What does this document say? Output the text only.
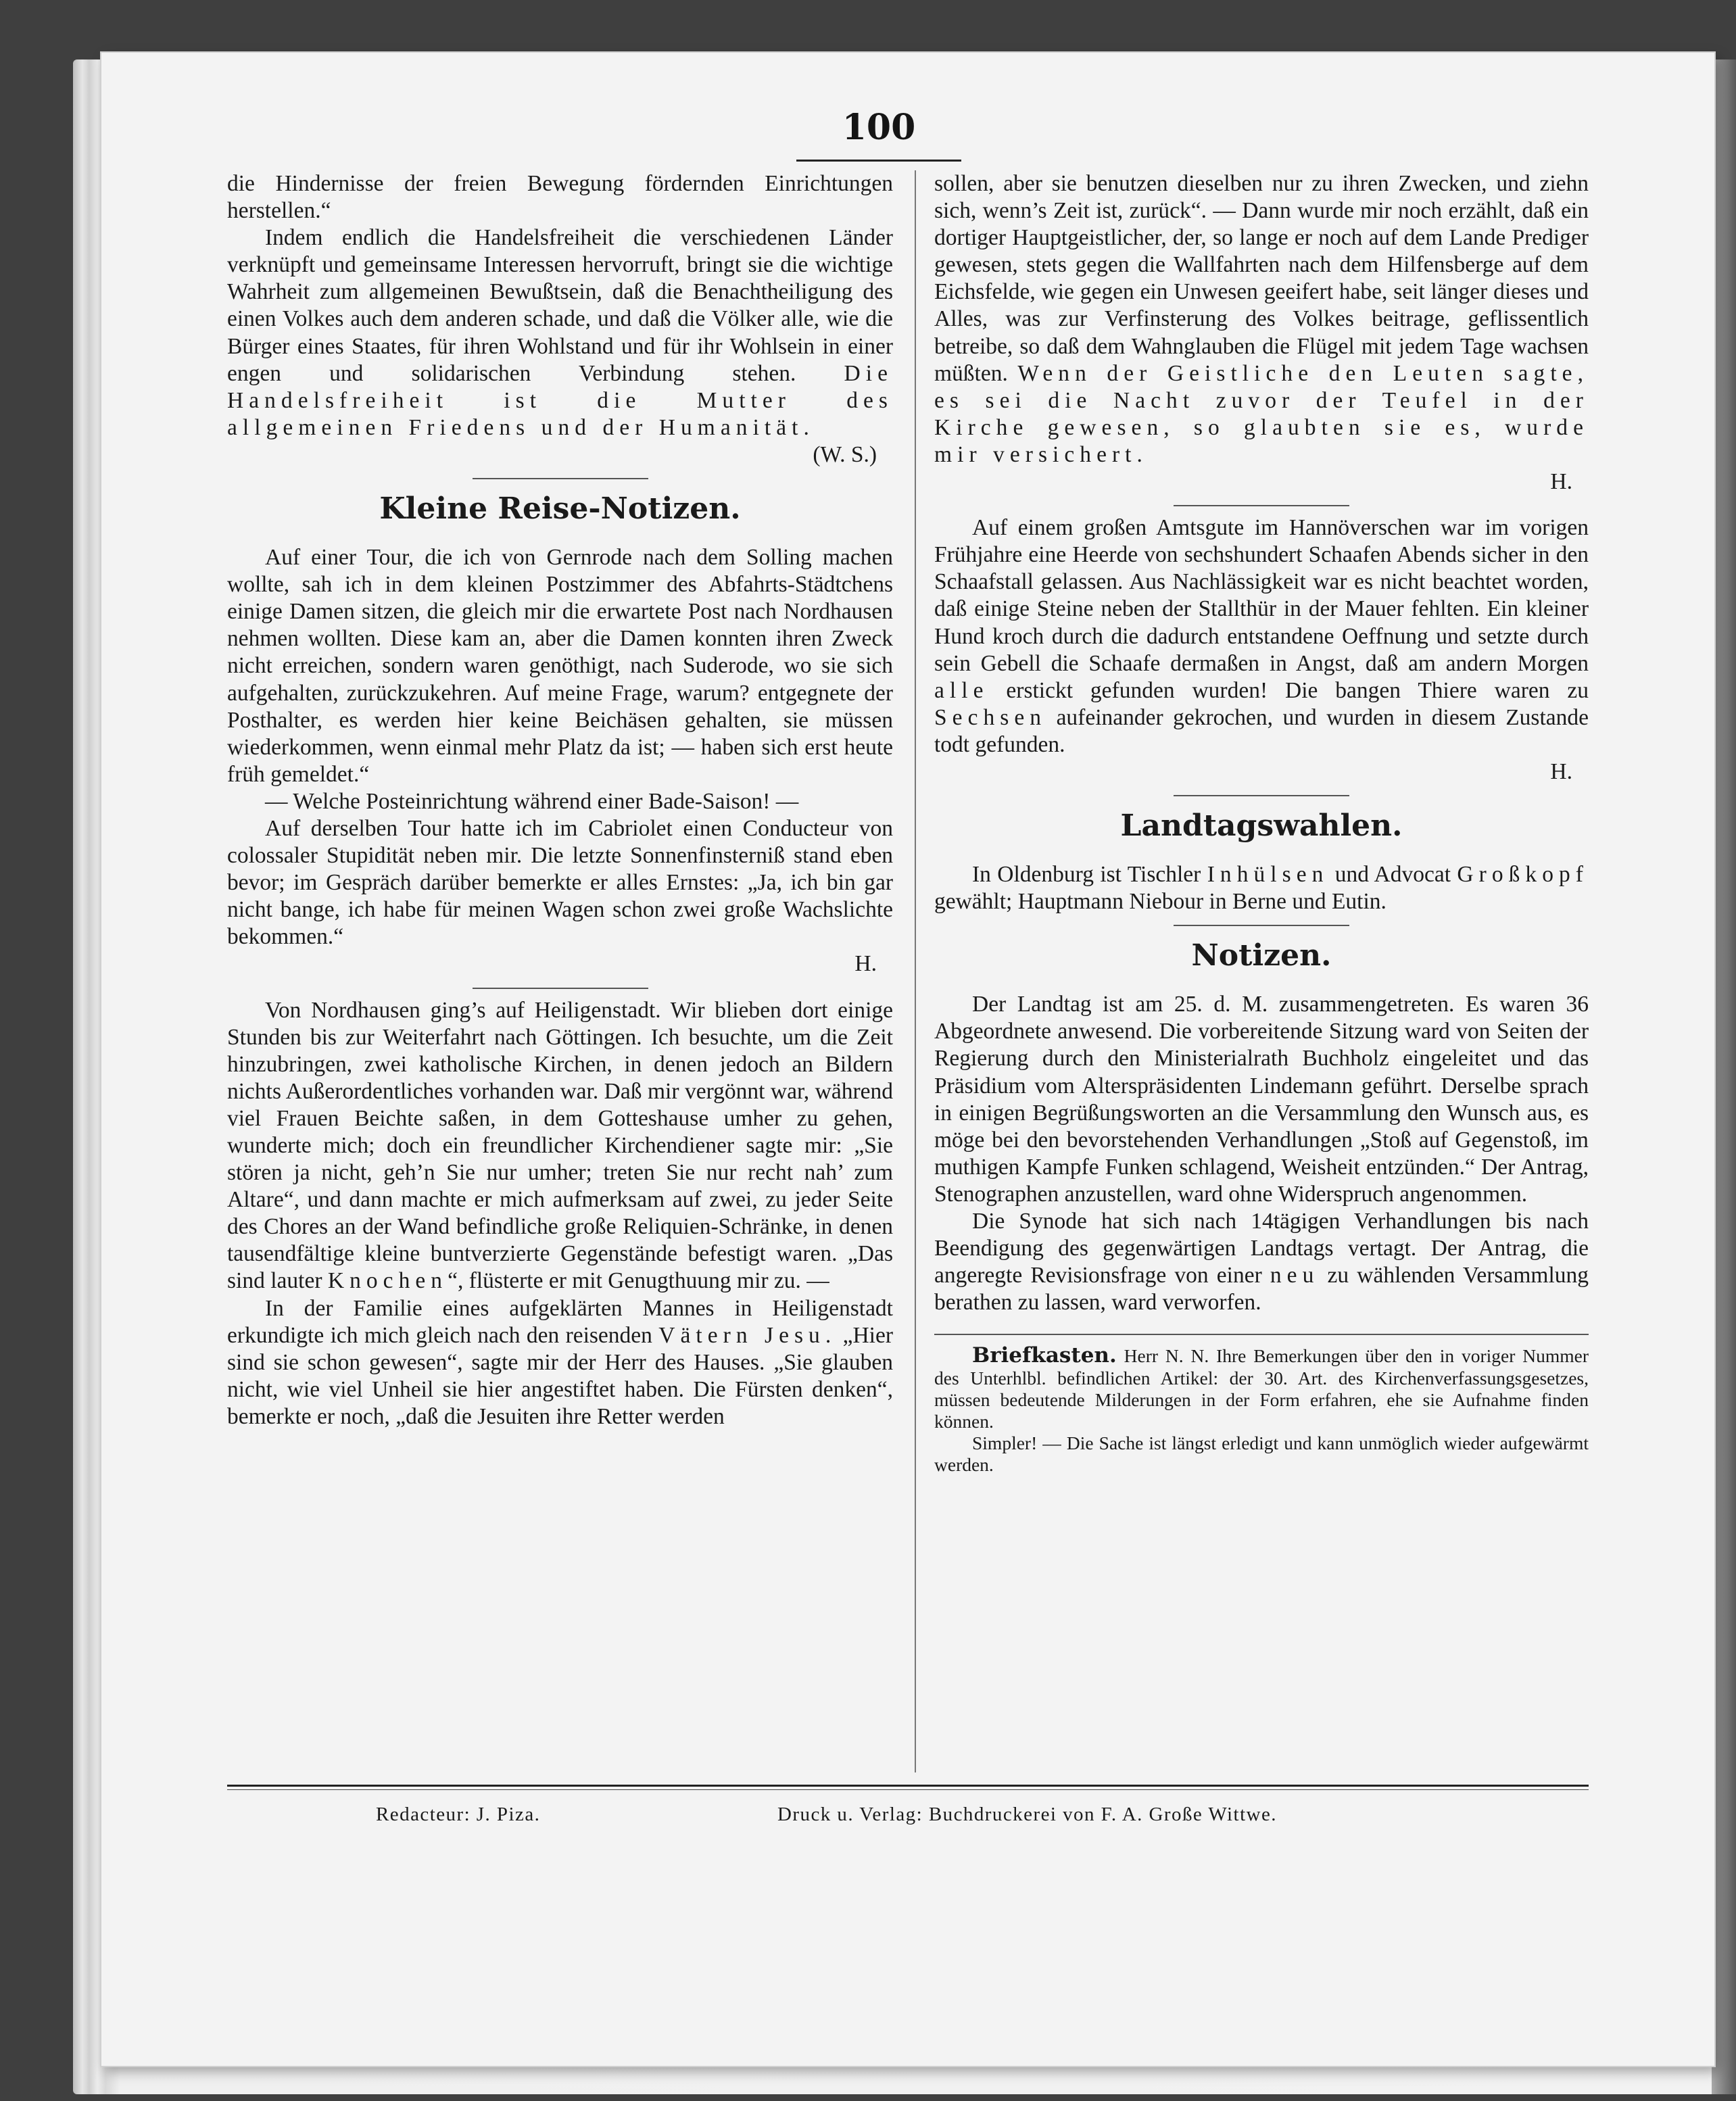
100

die Hindernisse der freien Bewegung fördernden Einrichtungen herstellen.“

Indem endlich die Handelsfreiheit die verschiedenen Länder verknüpft und gemeinsame Interessen hervorruft, bringt sie die wichtige Wahrheit zum allgemeinen Bewußtsein, daß die Benachtheiligung des einen Volkes auch dem anderen schade, und daß die Völker alle, wie die Bürger eines Staates, für ihren Wohlstand und für ihr Wohlsein in einer engen und solidarischen Verbindung stehen. Die Handelsfreiheit ist die Mutter des allgemeinen Friedens und der Humanität.

(W. S.)

Kleine Reise-Notizen.

Auf einer Tour, die ich von Gernrode nach dem Solling machen wollte, sah ich in dem kleinen Postzimmer des Abfahrts-Städtchens einige Damen sitzen, die gleich mir die erwartete Post nach Nordhausen nehmen wollten. Diese kam an, aber die Damen konnten ihren Zweck nicht erreichen, sondern waren genöthigt, nach Suderode, wo sie sich aufgehalten, zurückzukehren. Auf meine Frage, warum? entgegnete der Posthalter, es werden hier keine Beichäsen gehalten, sie müssen wiederkommen, wenn einmal mehr Platz da ist; — haben sich erst heute früh gemeldet.“

— Welche Posteinrichtung während einer Bade-Saison! —

Auf derselben Tour hatte ich im Cabriolet einen Conducteur von colossaler Stupidität neben mir. Die letzte Sonnenfinsterniß stand eben bevor; im Gespräch darüber bemerkte er alles Ernstes: „Ja, ich bin gar nicht bange, ich habe für meinen Wagen schon zwei große Wachslichte bekommen.“

H.

Von Nordhausen ging’s auf Heiligenstadt. Wir blieben dort einige Stunden bis zur Weiterfahrt nach Göttingen. Ich besuchte, um die Zeit hinzubringen, zwei katholische Kirchen, in denen jedoch an Bildern nichts Außerordentliches vorhanden war. Daß mir vergönnt war, während viel Frauen Beichte saßen, in dem Gotteshause umher zu gehen, wunderte mich; doch ein freundlicher Kirchendiener sagte mir: „Sie stören ja nicht, geh’n Sie nur umher; treten Sie nur recht nah’ zum Altare“, und dann machte er mich aufmerksam auf zwei, zu jeder Seite des Chores an der Wand befindliche große Reliquien-Schränke, in denen tausendfältige kleine buntverzierte Gegenstände befestigt waren. „Das sind lauter Knochen“, flüsterte er mit Genugthuung mir zu. —

In der Familie eines aufgeklärten Mannes in Heiligenstadt erkundigte ich mich gleich nach den reisenden Vätern Jesu. „Hier sind sie schon gewesen“, sagte mir der Herr des Hauses. „Sie glauben nicht, wie viel Unheil sie hier angestiftet haben. Die Fürsten denken“, bemerkte er noch, „daß die Jesuiten ihre Retter werden

sollen, aber sie benutzen dieselben nur zu ihren Zwecken, und ziehn sich, wenn’s Zeit ist, zurück“. — Dann wurde mir noch erzählt, daß ein dortiger Hauptgeistlicher, der, so lange er noch auf dem Lande Prediger gewesen, stets gegen die Wallfahrten nach dem Hilfensberge auf dem Eichsfelde, wie gegen ein Unwesen geeifert habe, seit länger dieses und Alles, was zur Verfinsterung des Volkes beitrage, geflissentlich betreibe, so daß dem Wahnglauben die Flügel mit jedem Tage wachsen müßten. Wenn der Geistliche den Leuten sagte, es sei die Nacht zuvor der Teufel in der Kirche gewesen, so glaubten sie es, wurde mir versichert.

H.

Auf einem großen Amtsgute im Hannöverschen war im vorigen Frühjahre eine Heerde von sechshundert Schaafen Abends sicher in den Schaafstall gelassen. Aus Nachlässigkeit war es nicht beachtet worden, daß einige Steine neben der Stallthür in der Mauer fehlten. Ein kleiner Hund kroch durch die dadurch entstandene Oeffnung und setzte durch sein Gebell die Schaafe dermaßen in Angst, daß am andern Morgen alle erstickt gefunden wurden! Die bangen Thiere waren zu Sechsen aufeinander gekrochen, und wurden in diesem Zustande todt gefunden.

H.

Landtagswahlen.

In Oldenburg ist Tischler Inhülsen und Advocat Großkopf gewählt; Hauptmann Niebour in Berne und Eutin.

Notizen.

Der Landtag ist am 25. d. M. zusammengetreten. Es waren 36 Abgeordnete anwesend. Die vorbereitende Sitzung ward von Seiten der Regierung durch den Ministerialrath Buchholz eingeleitet und das Präsidium vom Alterspräsidenten Lindemann geführt. Derselbe sprach in einigen Begrüßungsworten an die Versammlung den Wunsch aus, es möge bei den bevorstehenden Verhandlungen „Stoß auf Gegenstoß, im muthigen Kampfe Funken schlagend, Weisheit entzünden.“ Der Antrag, Stenographen anzustellen, ward ohne Widerspruch angenommen.

Die Synode hat sich nach 14tägigen Verhandlungen bis nach Beendigung des gegenwärtigen Landtags vertagt. Der Antrag, die angeregte Revisionsfrage von einer neu zu wählenden Versammlung berathen zu lassen, ward verworfen.

Briefkasten. Herr N. N. Ihre Bemerkungen über den in voriger Nummer des Unterhlbl. befindlichen Artikel: der 30. Art. des Kirchenverfassungsgesetzes, müssen bedeutende Milderungen in der Form erfahren, ehe sie Aufnahme finden können.

Simpler! — Die Sache ist längst erledigt und kann unmöglich wieder aufgewärmt werden.

Redacteur: J. Piza.	Druck u. Verlag: Buchdruckerei von F. A. Große Wittwe.
